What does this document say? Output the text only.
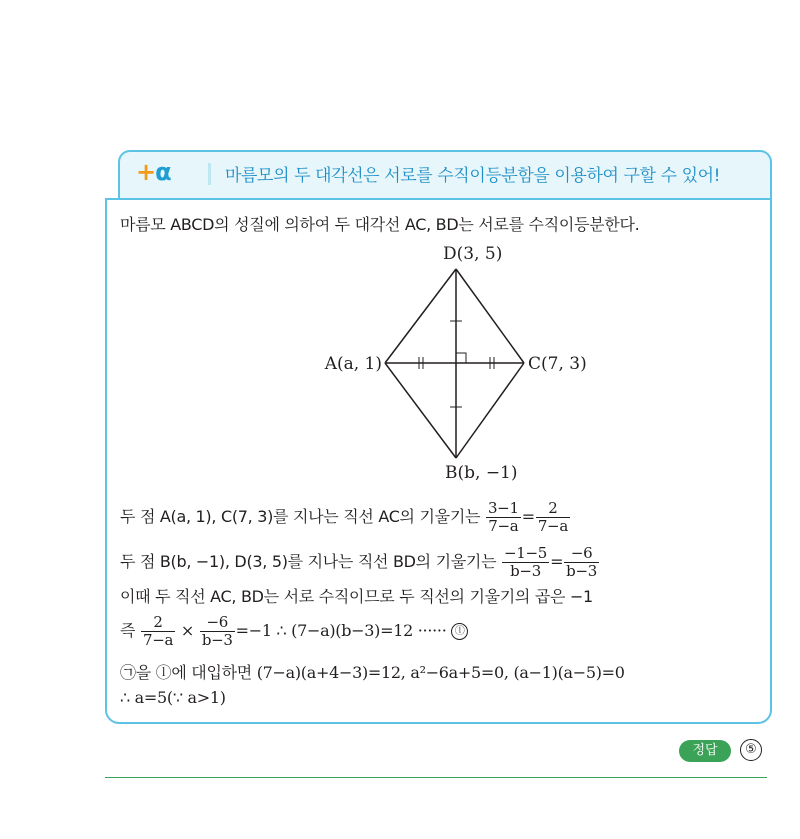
+α	마름모의 두 대각선은 서로를 수직이등분함을 이용하여 구할 수 있어!
마름모 ABCD의 성질에 의하여 두 대각선 AC, BD는 서로를 수직이등분한다.
D(3, 5)
C(7, 3)
B(b, −1)
A(a, 1)
두 점 A(a, 1), C(7, 3)를 지나는 직선 AC의 기울기는 $\frac{3-1}{7-a} = \frac{2}{7-a}$
두 점 B(b, −1), D(3, 5)를 지나는 직선 BD의 기울기는 $\frac{-1-5}{b-3} = \frac{-6}{b-3}$
이때 두 직선 AC, BD는 서로 수직이므로 두 직선의 기울기의 곱은 −1
즉 $\frac{2}{7-a} \times \frac{-6}{b-3} =-1$ ∴ (7−a)(b−3)=12 ······ ⓛ
㉠을 ⓛ에 대입하면 (7−a)(a+4−3)=12, a²−6a+5=0, (a−1)(a−5)=0
∴ a=5(∵ a>1)
정답	⑤
